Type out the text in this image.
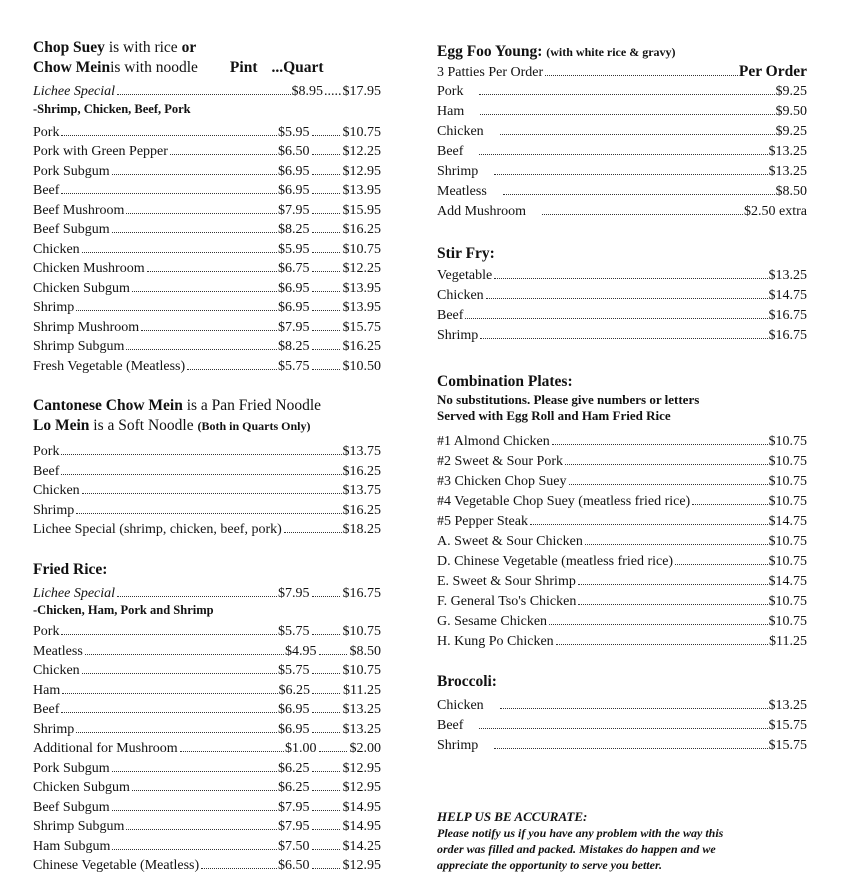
Chop Suey is with rice or
Chow Mein is with noodle Pint ...Quart
Lichee Special	$8.95 ..... $17.95
-Shrimp, Chicken, Beef, Pork
Pork	$5.95 $10.75
Pork with Green Pepper	$6.50 $12.25
Pork Subgum	$6.95 $12.95
Beef	$6.95 $13.95
Beef Mushroom	$7.95 $15.95
Beef Subgum	$8.25 $16.25
Chicken	$5.95 $10.75
Chicken Mushroom	$6.75 $12.25
Chicken Subgum	$6.95 $13.95
Shrimp	$6.95 $13.95
Shrimp Mushroom	$7.95 $15.75
Shrimp Subgum	$8.25 $16.25
Fresh Vegetable (Meatless)	$5.75 $10.50
Cantonese Chow Mein is a Pan Fried Noodle
Lo Mein is a Soft Noodle (Both in Quarts Only)
Pork	$13.75
Beef	$16.25
Chicken	$13.75
Shrimp	$16.25
Lichee Special (shrimp, chicken, beef, pork)	$18.25
Fried Rice:
Lichee Special	$7.95 $16.75
-Chicken, Ham, Pork and Shrimp
Pork	$5.75 $10.75
Meatless	$4.95 $8.50
Chicken	$5.75 $10.75
Ham	$6.25 $11.25
Beef	$6.95 $13.25
Shrimp	$6.95 $13.25
Additional for Mushroom	$1.00 $2.00
Pork Subgum	$6.25 $12.95
Chicken Subgum	$6.25 $12.95
Beef Subgum	$7.95 $14.95
Shrimp Subgum	$7.95 $14.95
Ham Subgum	$7.50 $14.25
Chinese Vegetable (Meatless)	$6.50 $12.95
Egg Foo Young: (with white rice & gravy)
3 Patties Per Order	Per Order
Pork	$9.25
Ham	$9.50
Chicken	$9.25
Beef	$13.25
Shrimp	$13.25
Meatless	$8.50
Add Mushroom	$2.50 extra
Stir Fry:
Vegetable	$13.25
Chicken	$14.75
Beef	$16.75
Shrimp	$16.75
Combination Plates:
No substitutions. Please give numbers or letters
Served with Egg Roll and Ham Fried Rice
#1 Almond Chicken	$10.75
#2 Sweet & Sour Pork	$10.75
#3 Chicken Chop Suey	$10.75
#4 Vegetable Chop Suey (meatless fried rice)	$10.75
#5 Pepper Steak	$14.75
A. Sweet & Sour Chicken	$10.75
D. Chinese Vegetable (meatless fried rice)	$10.75
E. Sweet & Sour Shrimp	$14.75
F. General Tso's Chicken	$10.75
G. Sesame Chicken	$10.75
H. Kung Po Chicken	$11.25
Broccoli:
Chicken	$13.25
Beef	$15.75
Shrimp	$15.75
HELP US BE ACCURATE:
Please notify us if you have any problem with the way this
order was filled and packed. Mistakes do happen and we
appreciate the opportunity to serve you better.
